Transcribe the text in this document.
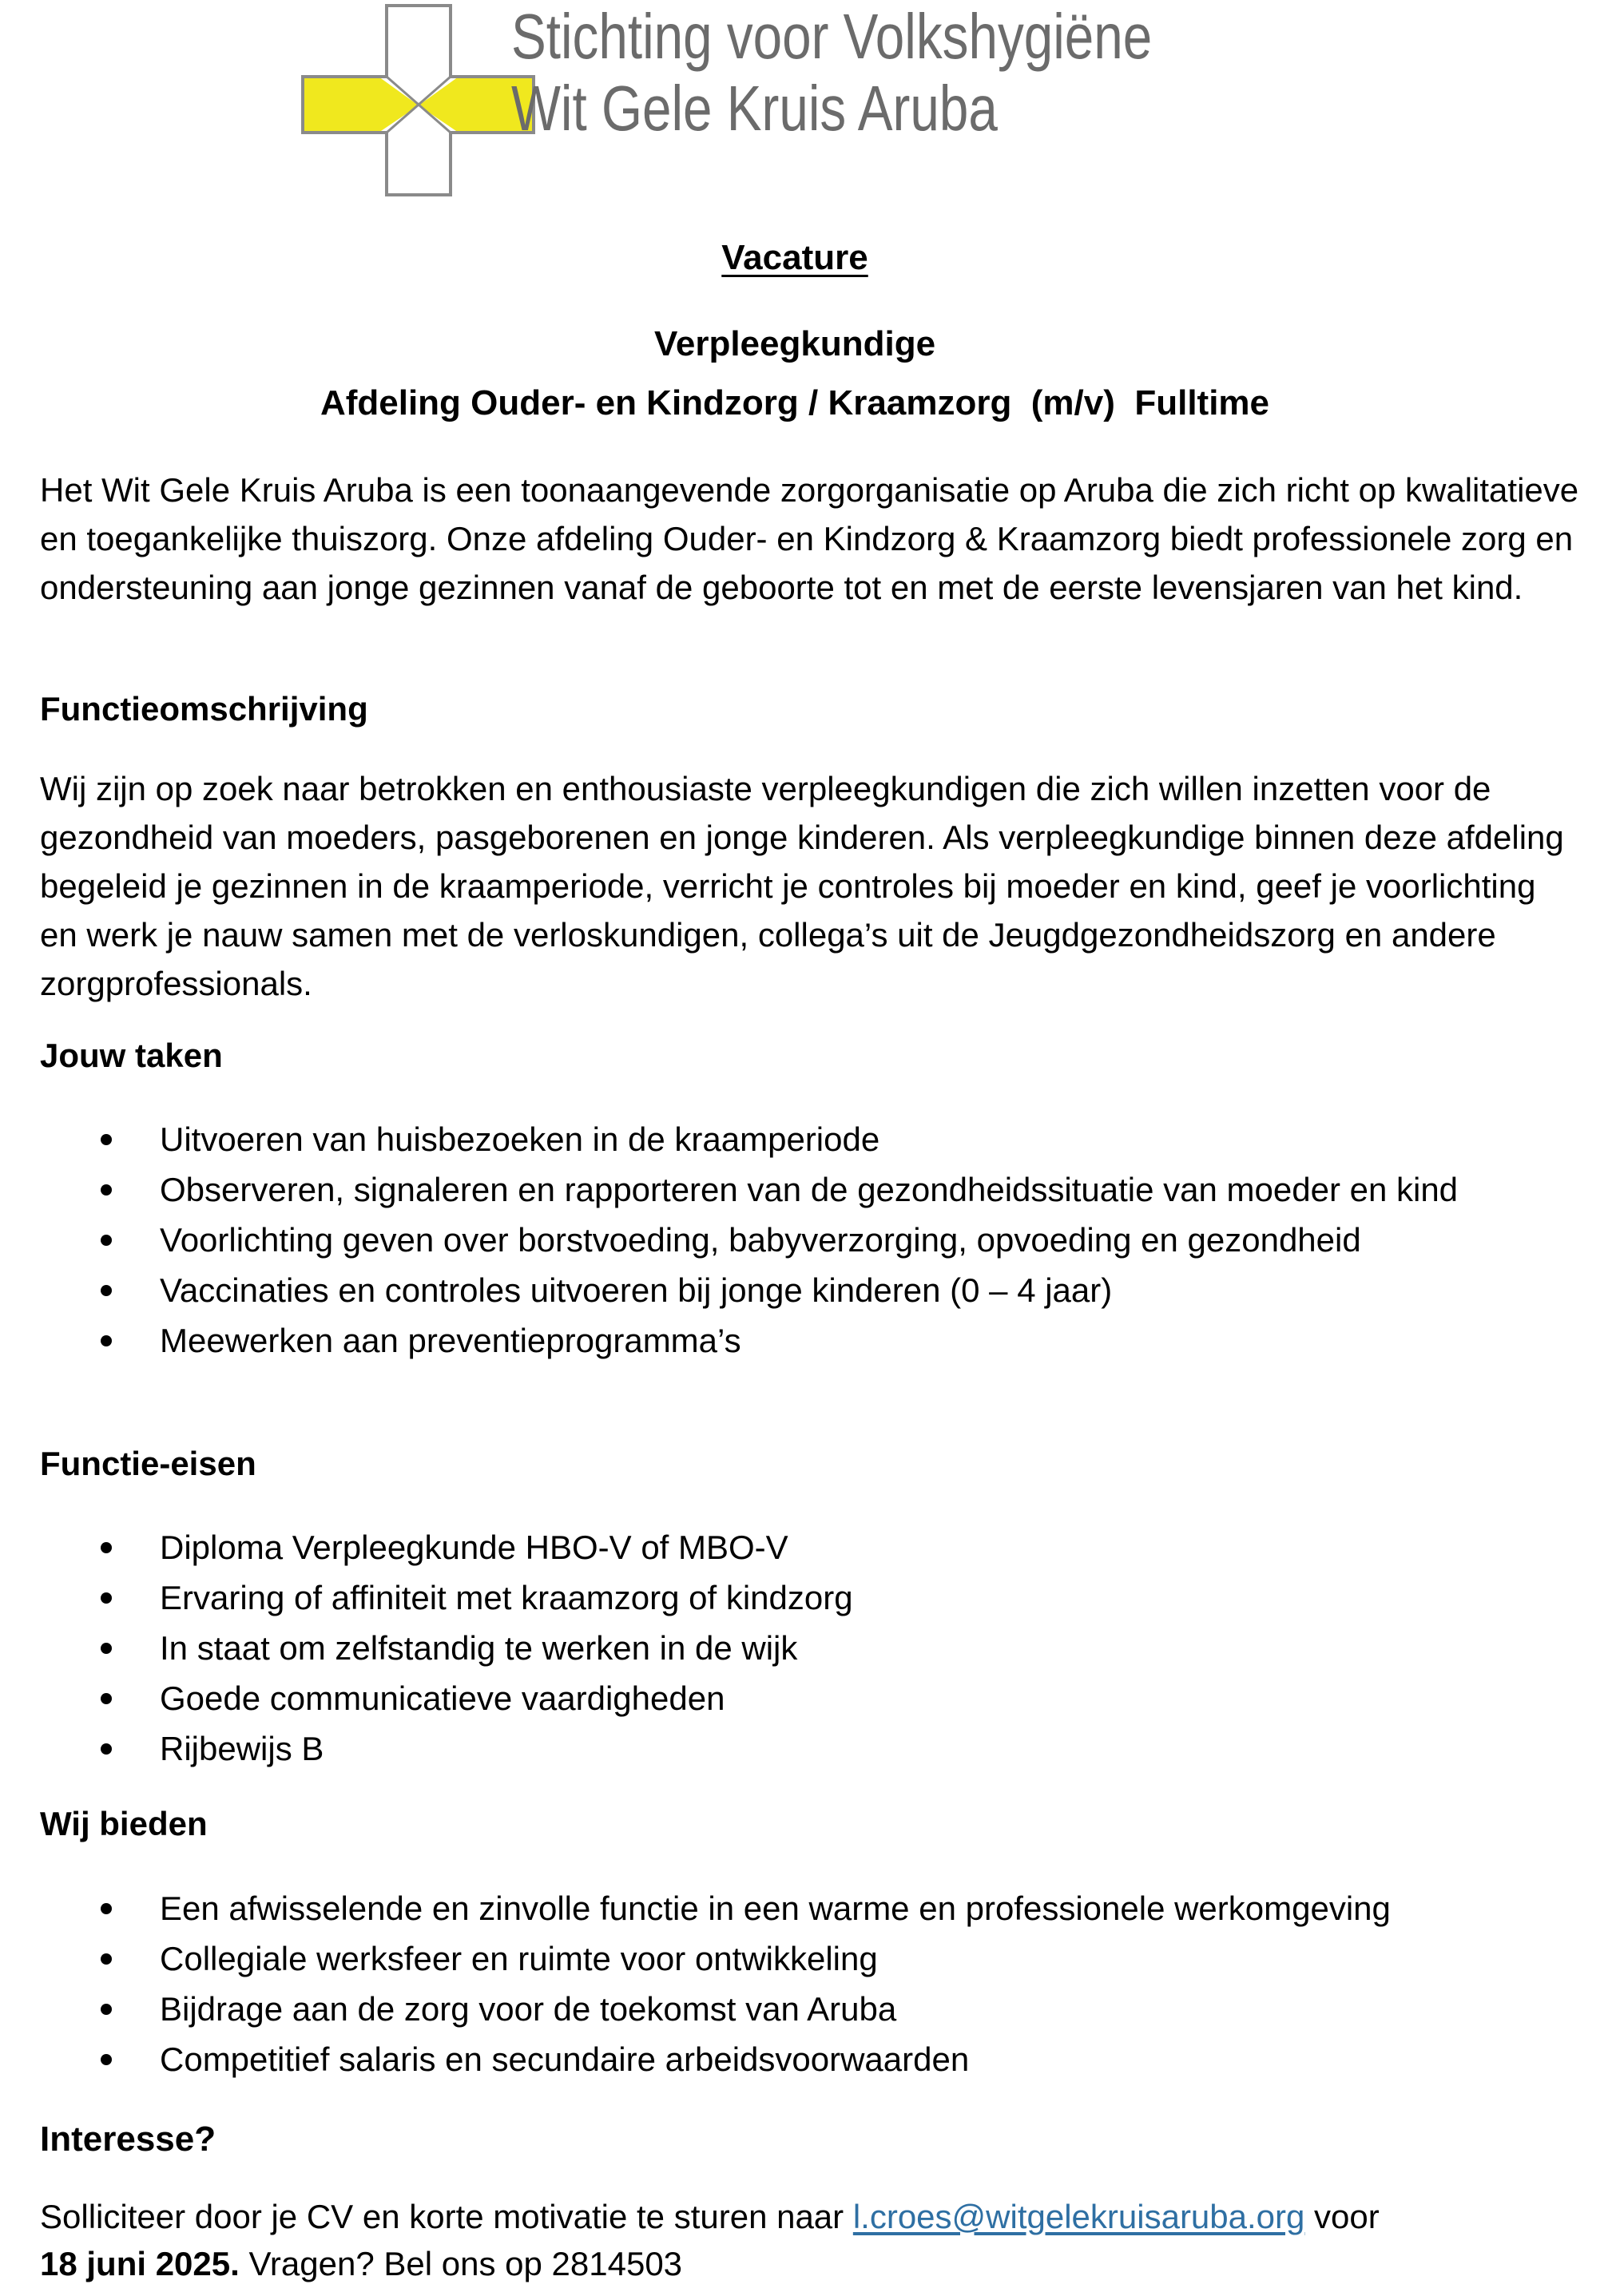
Stichting voor Volkshygiëne
Wit Gele Kruis Aruba
Vacature
Verpleegkundige
Afdeling Ouder- en Kindzorg / Kraamzorg  (m/v)  Fulltime

Het Wit Gele Kruis Aruba is een toonaangevende zorgorganisatie op Aruba die zich richt op kwalitatieve en toegankelijke thuiszorg. Onze afdeling Ouder- en Kindzorg & Kraamzorg biedt professionele zorg en ondersteuning aan jonge gezinnen vanaf de geboorte tot en met de eerste levensjaren van het kind.

Functieomschrijving

Wij zijn op zoek naar betrokken en enthousiaste verpleegkundigen die zich willen inzetten voor de gezondheid van moeders, pasgeborenen en jonge kinderen. Als verpleegkundige binnen deze afdeling begeleid je gezinnen in de kraamperiode, verricht je controles bij moeder en kind, geef je voorlichting en werk je nauw samen met de verloskundigen, collega’s uit de Jeugdgezondheidszorg en andere zorgprofessionals.

Jouw taken
Uitvoeren van huisbezoeken in de kraamperiode
Observeren, signaleren en rapporteren van de gezondheidssituatie van moeder en kind
Voorlichting geven over borstvoeding, babyverzorging, opvoeding en gezondheid
Vaccinaties en controles uitvoeren bij jonge kinderen (0 – 4 jaar)
Meewerken aan preventieprogramma’s
Functie-eisen
Diploma Verpleegkunde HBO-V of MBO-V
Ervaring of affiniteit met kraamzorg of kindzorg
In staat om zelfstandig te werken in de wijk
Goede communicatieve vaardigheden
Rijbewijs B
Wij bieden
Een afwisselende en zinvolle functie in een warme en professionele werkomgeving
Collegiale werksfeer en ruimte voor ontwikkeling
Bijdrage aan de zorg voor de toekomst van Aruba
Competitief salaris en secundaire arbeidsvoorwaarden
Interesse?

Solliciteer door je CV en korte motivatie te sturen naar l.croes@witgelekruisaruba.org voor
18 juni 2025. Vragen? Bel ons op 2814503
